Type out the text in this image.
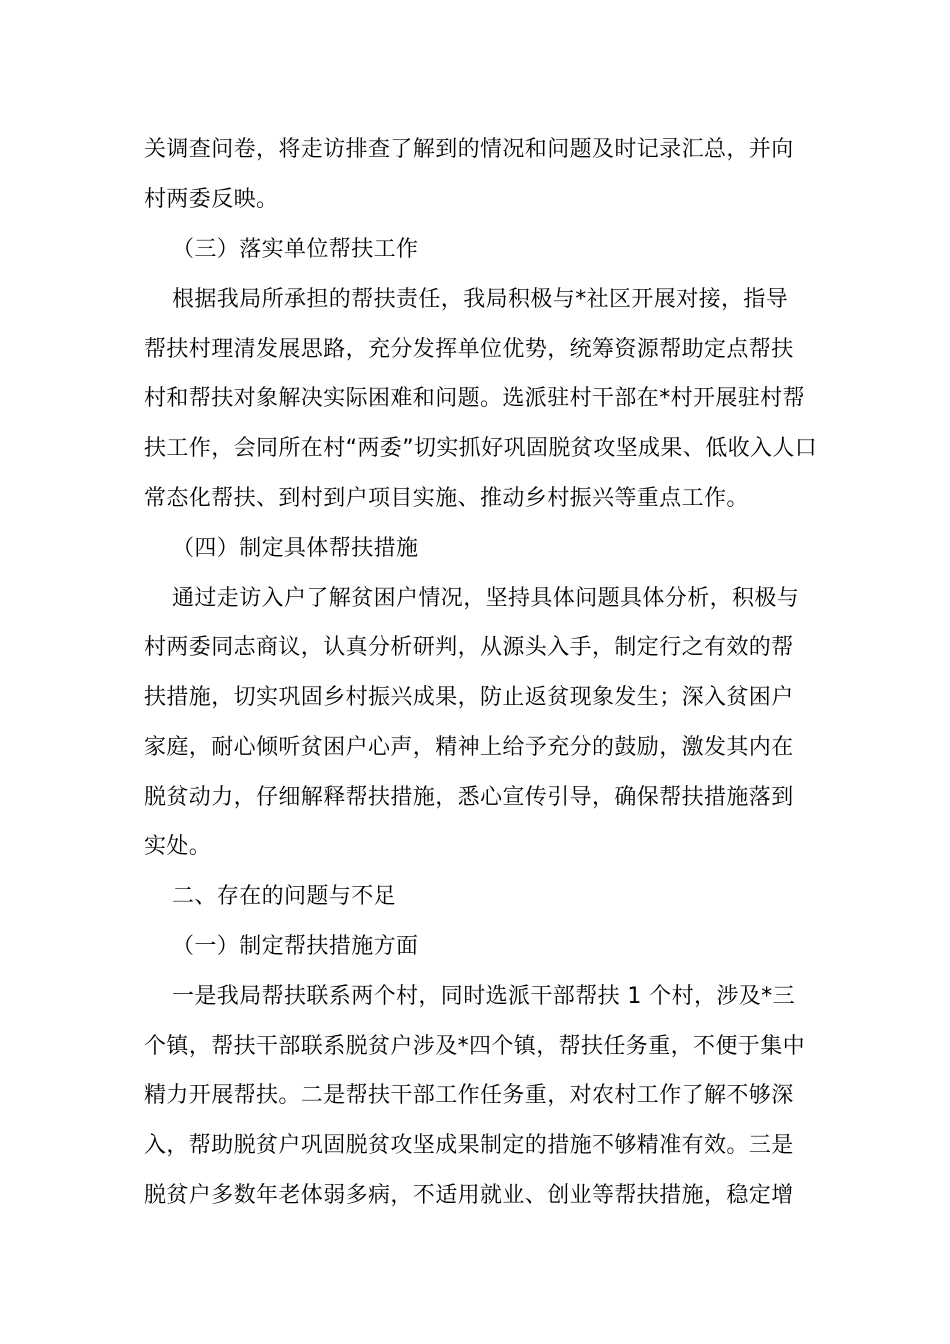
关调查问卷，将走访排查了解到的情况和问题及时记录汇总，并向
村两委反映。
（三）落实单位帮扶工作
根据我局所承担的帮扶责任，我局积极与*社区开展对接，指导
帮扶村理清发展思路，充分发挥单位优势，统筹资源帮助定点帮扶
村和帮扶对象解决实际困难和问题。选派驻村干部在*村开展驻村帮
扶工作，会同所在村“两委”切实抓好巩固脱贫攻坚成果、低收入人口
常态化帮扶、到村到户项目实施、推动乡村振兴等重点工作。
（四）制定具体帮扶措施
通过走访入户了解贫困户情况，坚持具体问题具体分析，积极与
村两委同志商议，认真分析研判，从源头入手，制定行之有效的帮
扶措施，切实巩固乡村振兴成果，防止返贫现象发生；深入贫困户
家庭，耐心倾听贫困户心声，精神上给予充分的鼓励，激发其内在
脱贫动力，仔细解释帮扶措施，悉心宣传引导，确保帮扶措施落到
实处。
二、存在的问题与不足
（一）制定帮扶措施方面
一是我局帮扶联系两个村，同时选派干部帮扶 1 个村，涉及*三
个镇，帮扶干部联系脱贫户涉及*四个镇，帮扶任务重，不便于集中
精力开展帮扶。二是帮扶干部工作任务重，对农村工作了解不够深
入，帮助脱贫户巩固脱贫攻坚成果制定的措施不够精准有效。三是
脱贫户多数年老体弱多病，不适用就业、创业等帮扶措施，稳定增
